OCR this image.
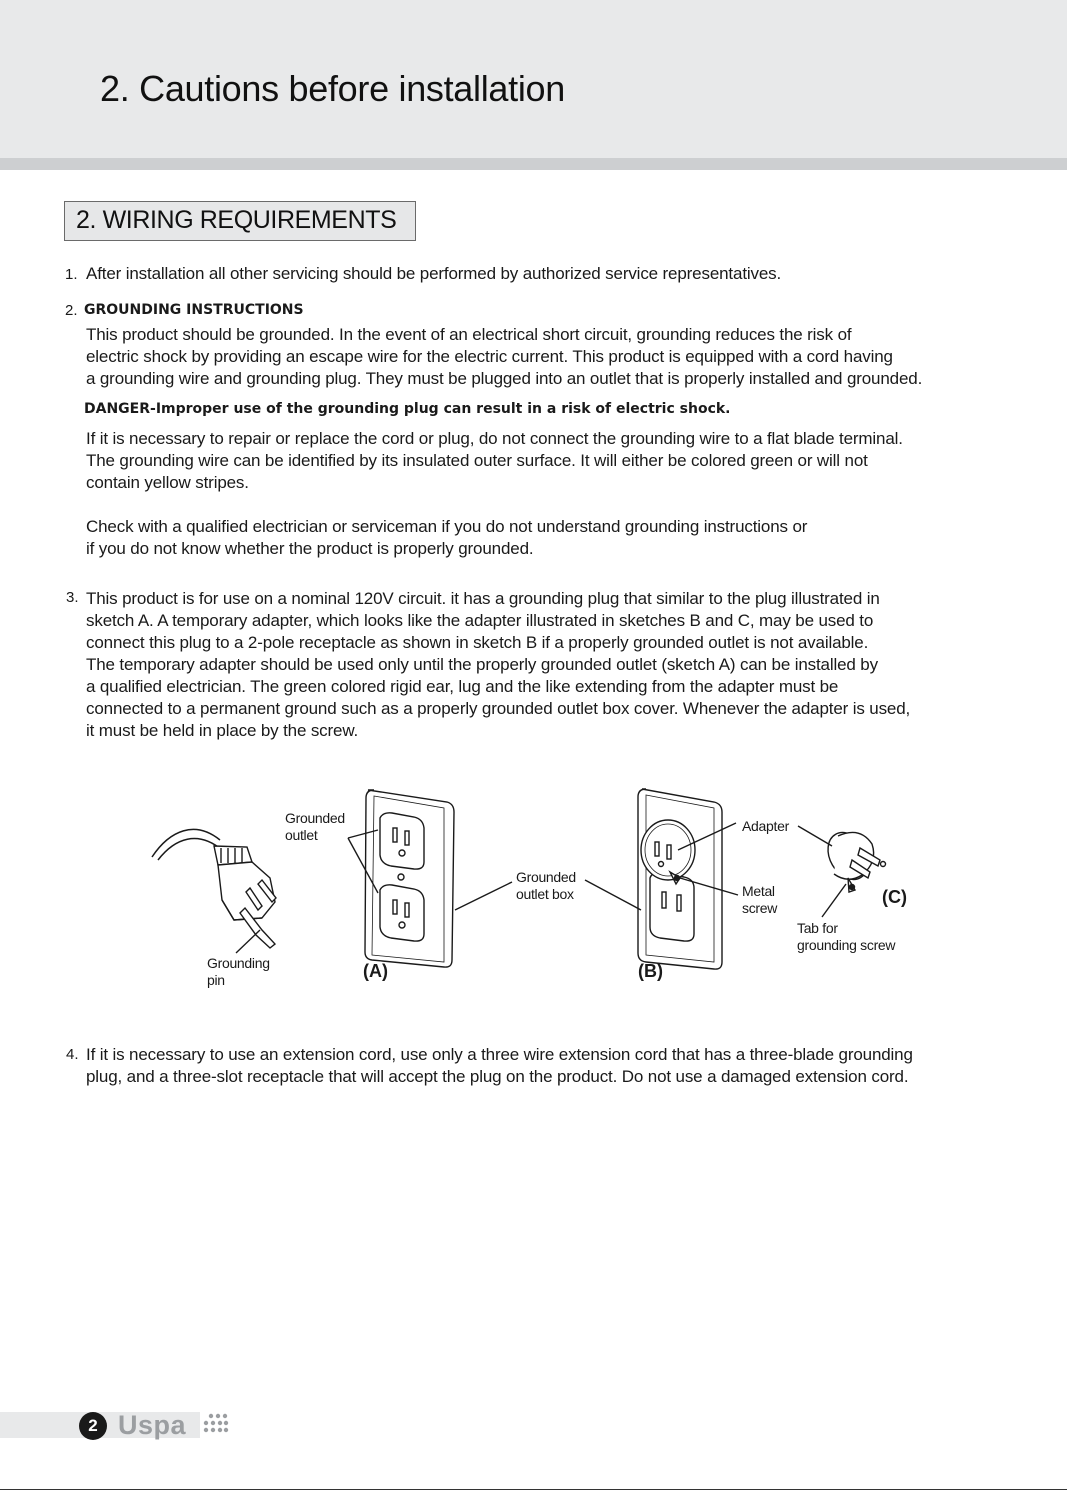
2. Cautions before installation
2. WIRING REQUIREMENTS
1. After installation all other servicing should be performed by authorized service representatives.
2. GROUNDING INSTRUCTIONS
This product should be grounded. In the event of an electrical short circuit, grounding reduces the risk of
electric shock by providing an escape wire for the electric current. This product is equipped with a cord having
a grounding wire and grounding plug. They must be plugged into an outlet that is properly installed and grounded.
DANGER-Improper use of the grounding plug can result in a risk of electric shock.
If it is necessary to repair or replace the cord or plug, do not connect the grounding wire to a flat blade terminal.
The grounding wire can be identified by its insulated outer surface. It will either be colored green or will not
contain yellow stripes.
Check with a qualified electrician or serviceman if you do not understand grounding instructions or
if you do not know whether the product is properly grounded.
3. This product is for use on a nominal 120V circuit. it has a grounding plug that similar to the plug illustrated in
sketch A. A temporary adapter, which looks like the adapter illustrated in sketches B and C, may be used to
connect this plug to a 2-pole receptacle as shown in sketch B if a properly grounded outlet is not available.
The temporary adapter should be used only until the properly grounded outlet (sketch A) can be installed by
a qualified electrician. The green colored rigid ear, lug and the like extending from the adapter must be
connected to a permanent ground such as a properly grounded outlet box cover. Whenever the adapter is used,
it must be held in place by the screw.
Grounded
outlet
Grounding
pin
Grounded
outlet box
Adapter
Metal
screw
Tab for
grounding screw
(A)	(B)
(C)
4. If it is necessary to use an extension cord, use only a three wire extension cord that has a three-blade grounding
plug, and a three-slot receptacle that will accept the plug on the product. Do not use a damaged extension cord.
2 Uspa
